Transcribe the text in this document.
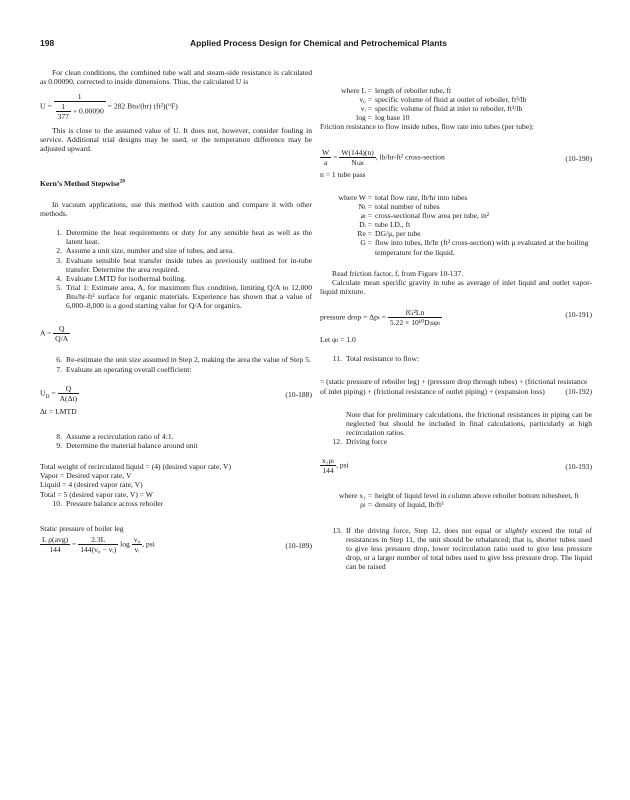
198	Applied Process Design for Chemical and Petrochemical Plants

For clean conditions, the combined tube wall and steam-side resistance is calculated as 0.00090, corrected to inside dimensions. Thus, the calculated U is

$U = \frac{1}{\frac{1}{377} + 0.00090} = 282$ Btu/(hr) (ft²)(°F)

This is close to the assumed value of U. It does not, however, consider fouling in service. Additional trial designs may be used, or the temperature difference may be adjusted upward.

Kern’s Method Stepwise$^{28}$

In vacuum applications, use this method with caution and compare it with other methods.

1. Determine the heat requirements or duty for any sensible heat as well as the latent heat.
2. Assume a unit size, number and size of tubes, and area.
3. Evaluate sensible heat transfer inside tubes as previously outlined for in-tube transfer. Determine the area required.
4. Evaluate LMTD for isothermal boiling.
5. Trial 1: Estimate area, A, for maximum flux condition, limiting Q/A to 12,000 Btu/hr-ft² surface for organic materials. Experience has shown that a value of 6,000–8,000 is a good starting value for Q/A for organics.
$A = \frac{Q}{Q/A}$
6. Re-estimate the unit size assumed in Step 2, making the area the value of Step 5.
7. Evaluate an operating overall coefficient:
$U_D = \frac{Q}{A(\Delta t)}$	(10-188)

Δt = LMTD

8. Assume a recirculation ratio of 4:1.
9. Determine the material balance around unit

Total weight of recirculated liquid = (4) (desired vapor rate, V)

Vapor = Desired vapor rate, V

Liquid = 4 (desired vapor rate, V)

Total = 5 (desired vapor rate, V) = W

10. Pressure balance across reboiler

Static pressure of boiler leg

L ρ(avg)
144
= $\frac{2.3L}{\text{144(v₀ − vᵢ)}}$ $\log \frac{\text{v₀}}{\text{vᵢ}}$ , psi	(10-189)
where L = length of reboiler tube, ft
v₀ = specific volume of fluid at outlet of reboiler, ft³/lb
vᵢ = specific volume of fluid at inlet to reboiler, ft³/lb
log = log base 10

Friction resistance to flow inside tubes, flow rate into tubes (per tube):

$\frac{W}{a} = W(144)(n)$
Nₜaₜ
, lb/hr-ft² cross-section	(10-190)

n = 1 tube pass

where W = total flow rate, lb/hr into tubes
Nₜ = total number of tubes
aₜ = cross-sectional flow area per tube, in²
Dᵢ = tube I.D., ft
Re = DG/μ, per tube
G = flow into tubes, lb/hr (ft² cross-section) with μ evaluated at the boiling temperature for the liquid.

Read friction factor, f, from Figure 10-137.

Calculate mean specific gravity in tube as average of inlet liquid and outlet vapor-liquid mixture.

pressure drop = Δpₜ =	fG²Ln
5.22 × 10¹⁰Dᵢsφₜ
(10-191)

Let φₜ = 1.0

11. Total resistance to flow:
= (static pressure of reboiler leg) + (pressure drop through tubes) + (frictional resistance of inlet piping) + (frictional resistance of outlet piping) + (expansion loss)	(10-192)

Note that for preliminary calculations, the frictional resistances in piping can be neglected but should be included in final calculations, particularly at high recirculation ratios.

12. Driving force
$\frac{\text{x₁ρₗ}}{144}$ , psi	(10-193)
where x₁ = height of liquid level in column above reboiler bottom tubesheet, ft
ρₗ = density of liquid, lb/ft³
13. If the driving force, Step 12, does not equal or slightly exceed the total of resistances in Step 11, the unit should be rebalanced; that is, shorter tubes used to give less pressure drop, lower recirculation ratio used to give less pressure drop, or a larger number of total tubes used to give less pressure drop. The liquid can be raised
